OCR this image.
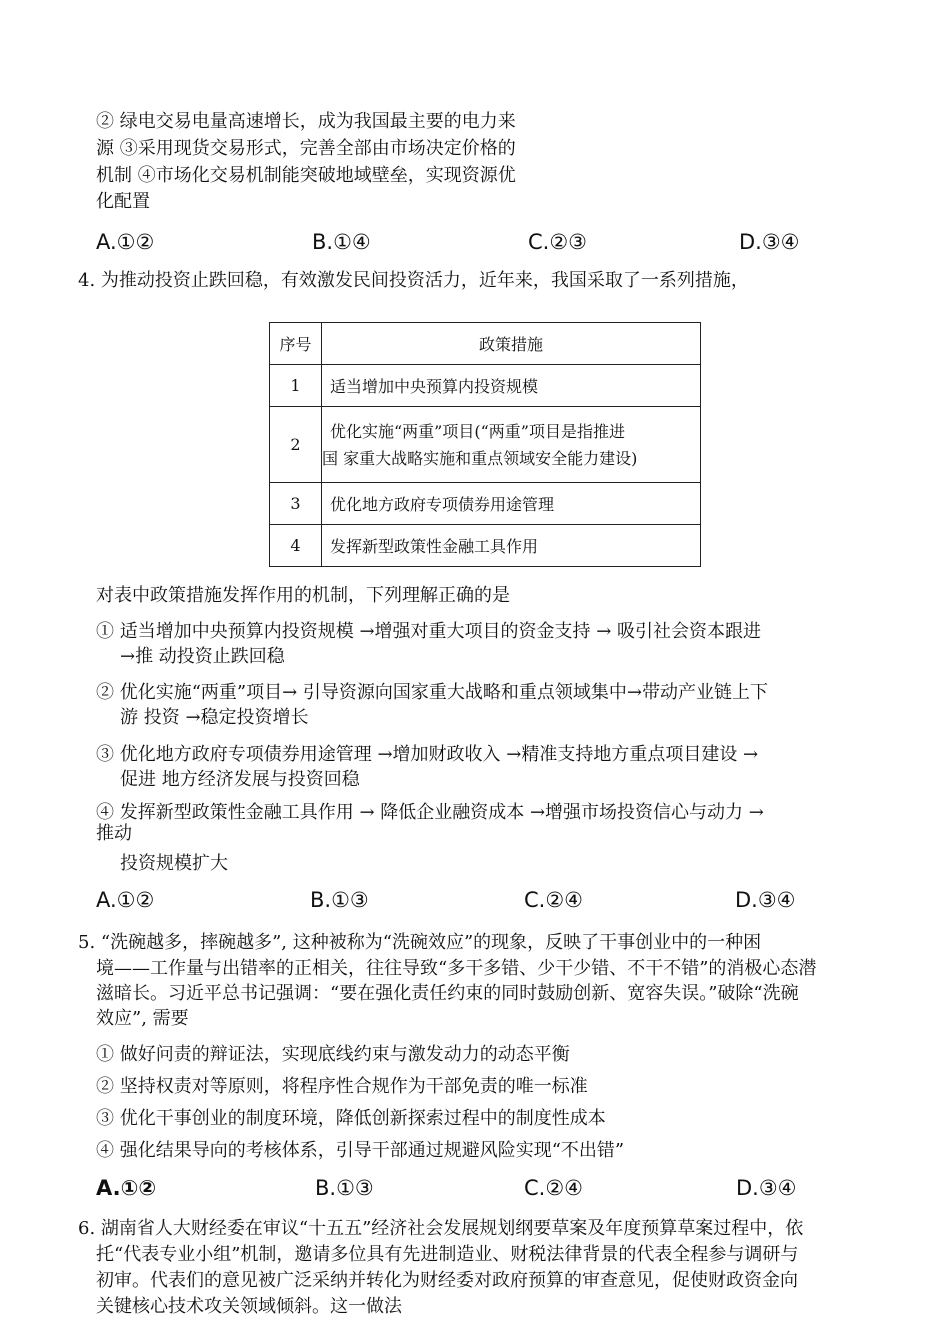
② 绿电交易电量高速增长，成为我国最主要的电力来
源 ③采用现货交易形式，完善全部由市场决定价格的
机制 ④市场化交易机制能突破地域壁垒，实现资源优
化配置
A.①②	B.①④	C.②③	D.③④
4. 为推动投资止跌回稳，有效激发民间投资活力，近年来，我国采取了一系列措施，
序号	政策措施
1	适当增加中央预算内投资规模
2	优化实施“两重”项目(“两重”项目是指推进
国 家重大战略实施和重点领域安全能力建设)

3	优化地方政府专项债券用途管理
4	发挥新型政策性金融工具作用
对表中政策措施发挥作用的机制，下列理解正确的是
① 适当增加中央预算内投资规模 →增强对重大项目的资金支持 → 吸引社会资本跟进
→推 动投资止跌回稳
② 优化实施“两重”项目→ 引导资源向国家重大战略和重点领域集中→带动产业链上下
游 投资 →稳定投资增长
③ 优化地方政府专项债券用途管理 →增加财政收入 →精准支持地方重点项目建设 →
促进 地方经济发展与投资回稳
④ 发挥新型政策性金融工具作用 → 降低企业融资成本 →增强市场投资信心与动力 →
推动
投资规模扩大
A.①②	B.①③	C.②④	D.③④
5. “洗碗越多，摔碗越多”, 这种被称为“洗碗效应”的现象，反映了干事创业中的一种困
境——工作量与出错率的正相关，往往导致“多干多错、少干少错、不干不错”的消极心态潜
滋暗长。习近平总书记强调：“要在强化责任约束的同时鼓励创新、宽容失误。”破除“洗碗
效应”, 需要
① 做好问责的辩证法，实现底线约束与激发动力的动态平衡
② 坚持权责对等原则，将程序性合规作为干部免责的唯一标准
③ 优化干事创业的制度环境，降低创新探索过程中的制度性成本
④ 强化结果导向的考核体系，引导干部通过规避风险实现“不出错”
A.①②	B.①③	C.②④	D.③④
6. 湖南省人大财经委在审议“十五五”经济社会发展规划纲要草案及年度预算草案过程中，依
托“代表专业小组”机制，邀请多位具有先进制造业、财税法律背景的代表全程参与调研与
初审。代表们的意见被广泛采纳并转化为财经委对政府预算的审查意见，促使财政资金向
关键核心技术攻关领域倾斜。这一做法
